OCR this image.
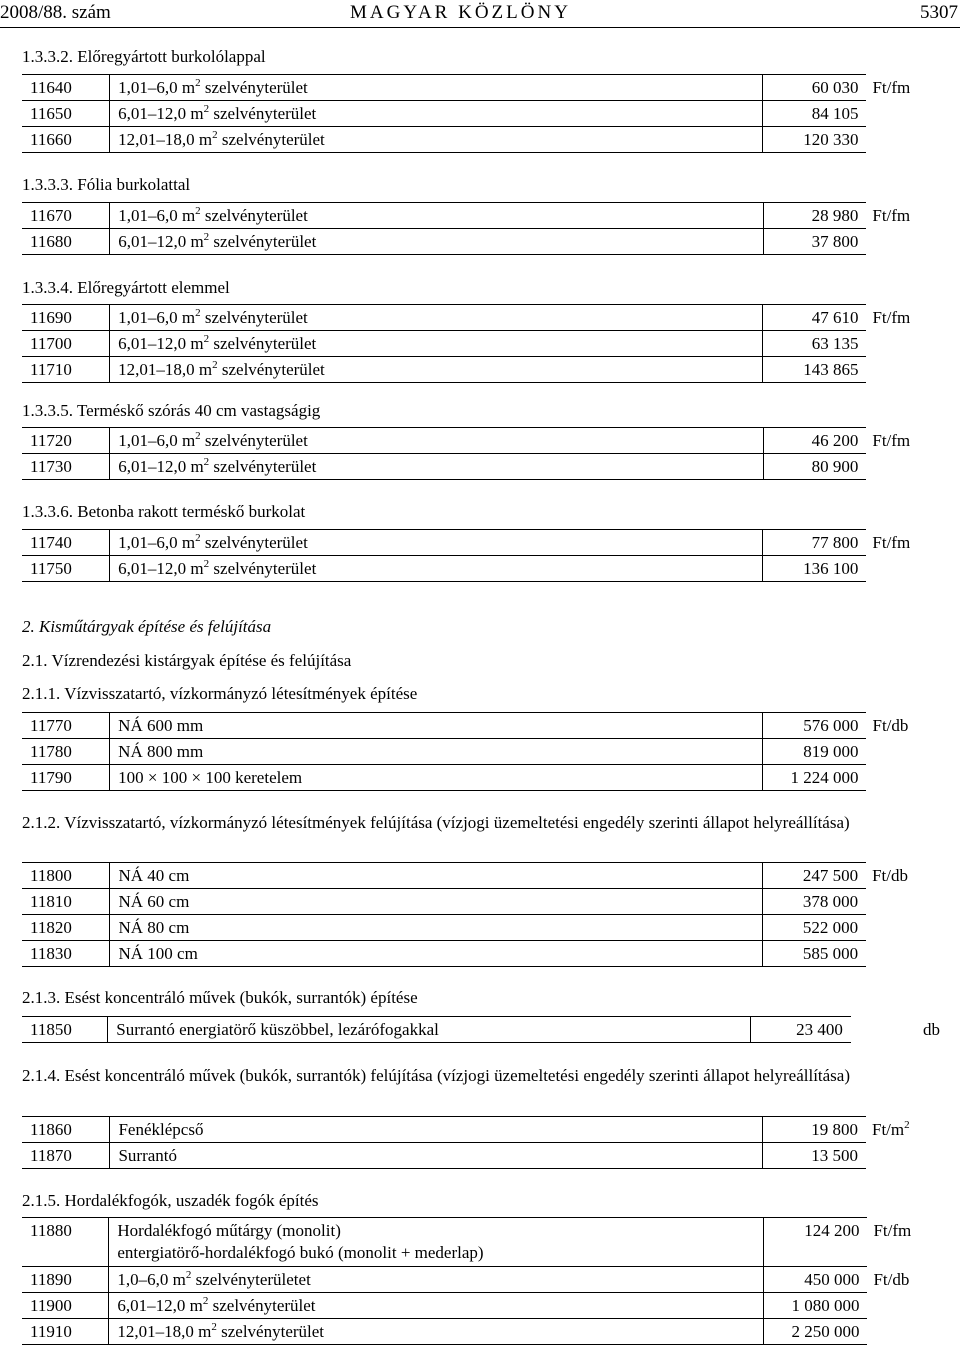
2008/88. szám	MAGYAR KÖZLÖNY	5307
2. Kisműtárgyak építése és felújítása
2.1. Vízrendezési kistárgyak építése és felújítása
1.3.3.2. Előregyártott burkolólappal
11640	1,01–6,0 $m^2$ szelvényterület	60 030	Ft/fm
11650	6,01–12,0 $m^2$ szelvényterület	84 105	
11660	12,01–18,0 $m^2$ szelvényterület	120 330	
1.3.3.3. Fólia burkolattal
11670	1,01–6,0 $m^2$ szelvényterület	28 980	Ft/fm
11680	6,01–12,0 $m^2$ szelvényterület	37 800	
1.3.3.4. Előregyártott elemmel
11690	1,01–6,0 $m^2$ szelvényterület	47 610	Ft/fm
11700	6,01–12,0 $m^2$ szelvényterület	63 135	
11710	12,01–18,0 $m^2$ szelvényterület	143 865	
1.3.3.5. Terméskő szórás 40 cm vastagságig
11720	1,01–6,0 $m^2$ szelvényterület	46 200	Ft/fm
11730	6,01–12,0 $m^2$ szelvényterület	80 900	
1.3.3.6. Betonba rakott terméskő burkolat
11740	1,01–6,0 $m^2$ szelvényterület	77 800	Ft/fm
11750	6,01–12,0 $m^2$ szelvényterület	136 100	
2.1.1. Vízvisszatartó, vízkormányzó létesítmények építése
11770	NÁ 600 mm	576 000	Ft/db
11780	NÁ 800 mm	819 000	
11790	100 × 100 × 100 keretelem	1 224 000	
2.1.2. Vízvisszatartó, vízkormányzó létesítmények felújítása (vízjogi üzemeltetési engedély szerinti állapot helyreállítása)
11800	NÁ 40 cm	247 500	Ft/db
11810	NÁ 60 cm	378 000	
11820	NÁ 80 cm	522 000	
11830	NÁ 100 cm	585 000	
2.1.3. Esést koncentráló művek (bukók, surrantók) építése
11850	Surrantó energiatörő küszöbbel, lezárófogakkal	23 400	db
2.1.4. Esést koncentráló művek (bukók, surrantók) felújítása (vízjogi üzemeltetési engedély szerinti állapot helyreállítása)
11860	Fenéklépcső	19 800	$Ft/m^2$
11870	Surrantó	13 500	
2.1.5. Hordalékfogók, uszadék fogók építés
11880	Hordalékfogó műtárgy (monolit)
entergiatörő-hordalékfogó bukó (monolit + mederlap)	124 200	Ft/fm
11890	1,0–6,0 $m^2$ szelvényterületet	450 000	Ft/db
11900	6,01–12,0 $m^2$ szelvényterület	1 080 000	
11910	12,01–18,0 $m^2$ szelvényterület	2 250 000	
